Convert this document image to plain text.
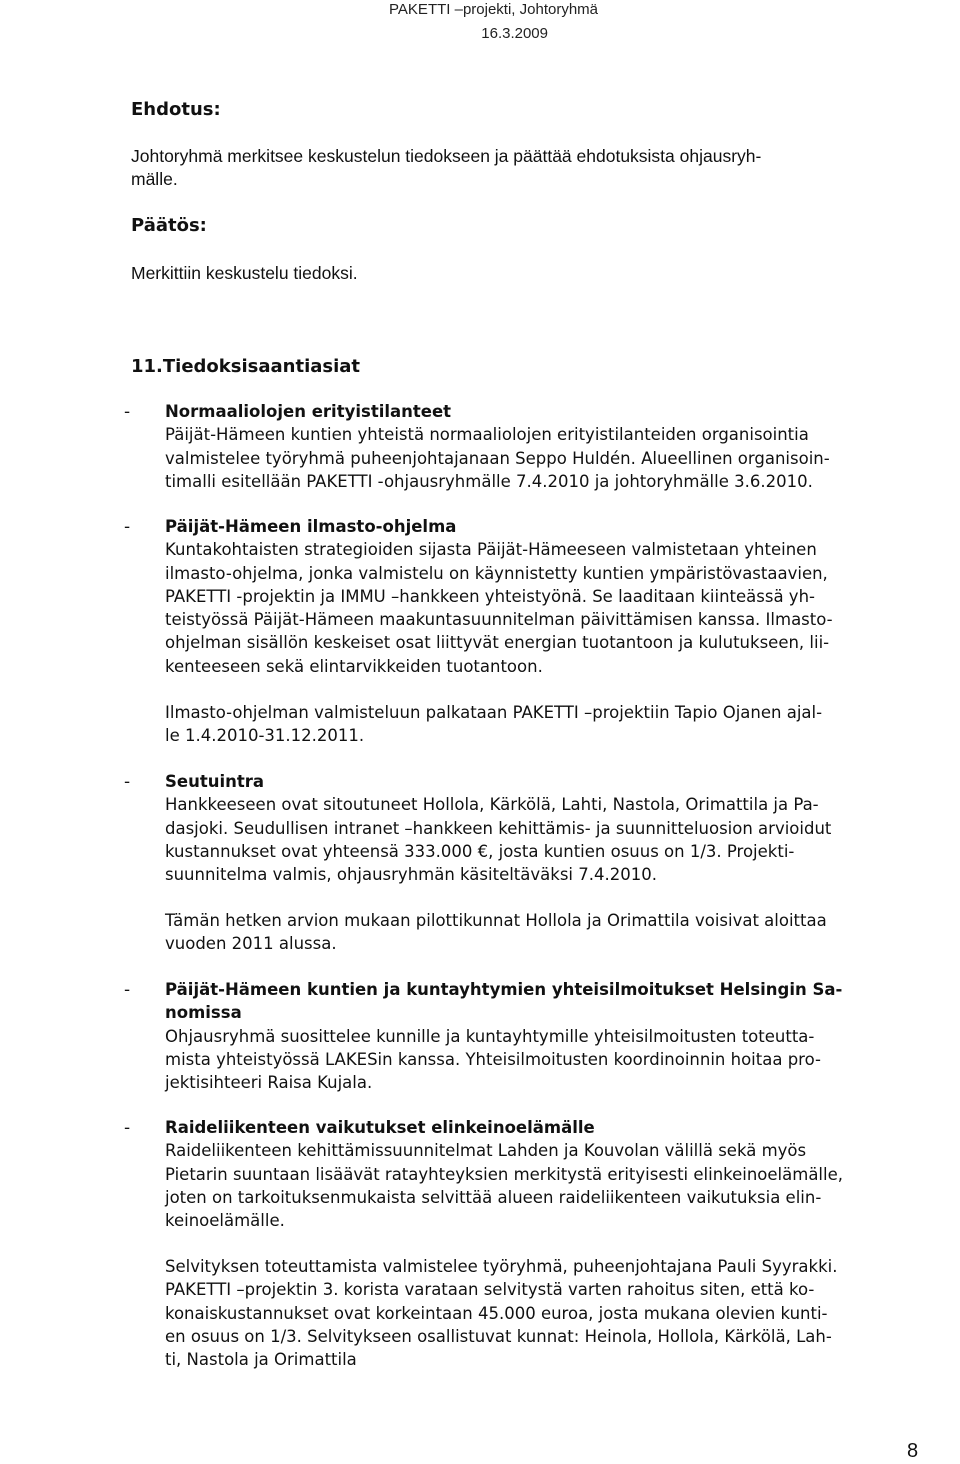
PAKETTI –projekti, Johtoryhmä
16.3.2009
Ehdotus:
Johtoryhmä merkitsee keskustelun tiedokseen ja päättää ehdotuksista ohjausryh-
mälle.
Päätös:
Merkittiin keskustelu tiedoksi.
11.Tiedoksisaantiasiat
- Normaaliolojen erityistilanteet
Päijät-Hämeen kuntien yhteistä normaaliolojen erityistilanteiden organisointia
valmistelee työryhmä puheenjohtajanaan Seppo Huldén. Alueellinen organisoin-
timalli esitellään PAKETTI -ohjausryhmälle 7.4.2010 ja johtoryhmälle 3.6.2010.
- Päijät-Hämeen ilmasto-ohjelma
Kuntakohtaisten strategioiden sijasta Päijät-Hämeeseen valmistetaan yhteinen
ilmasto-ohjelma, jonka valmistelu on käynnistetty kuntien ympäristövastaavien,
PAKETTI -projektin ja IMMU –hankkeen yhteistyönä. Se laaditaan kiinteässä yh-
teistyössä Päijät-Hämeen maakuntasuunnitelman päivittämisen kanssa. Ilmasto-
ohjelman sisällön keskeiset osat liittyvät energian tuotantoon ja kulutukseen, lii-
kenteeseen sekä elintarvikkeiden tuotantoon.
Ilmasto-ohjelman valmisteluun palkataan PAKETTI –projektiin Tapio Ojanen ajal-
le 1.4.2010-31.12.2011.
- Seutuintra
Hankkeeseen ovat sitoutuneet Hollola, Kärkölä, Lahti, Nastola, Orimattila ja Pa-
dasjoki. Seudullisen intranet –hankkeen kehittämis- ja suunnitteluosion arvioidut
kustannukset ovat yhteensä 333.000 €, josta kuntien osuus on 1/3. Projekti-
suunnitelma valmis, ohjausryhmän käsiteltäväksi 7.4.2010.
Tämän hetken arvion mukaan pilottikunnat Hollola ja Orimattila voisivat aloittaa
vuoden 2011 alussa.
- Päijät-Hämeen kuntien ja kuntayhtymien yhteisilmoitukset Helsingin Sa-
nomissa
Ohjausryhmä suosittelee kunnille ja kuntayhtymille yhteisilmoitusten toteutta-
mista yhteistyössä LAKESin kanssa. Yhteisilmoitusten koordinoinnin hoitaa pro-
jektisihteeri Raisa Kujala.
- Raideliikenteen vaikutukset elinkeinoelämälle
Raideliikenteen kehittämissuunnitelmat Lahden ja Kouvolan välillä sekä myös
Pietarin suuntaan lisäävät ratayhteyksien merkitystä erityisesti elinkeinoelämälle,
joten on tarkoituksenmukaista selvittää alueen raideliikenteen vaikutuksia elin-
keinoelämälle.
Selvityksen toteuttamista valmistelee työryhmä, puheenjohtajana Pauli Syyrakki.
PAKETTI –projektin 3. korista varataan selvitystä varten rahoitus siten, että ko-
konaiskustannukset ovat korkeintaan 45.000 euroa, josta mukana olevien kunti-
en osuus on 1/3. Selvitykseen osallistuvat kunnat: Heinola, Hollola, Kärkölä, Lah-
ti, Nastola ja Orimattila
8
